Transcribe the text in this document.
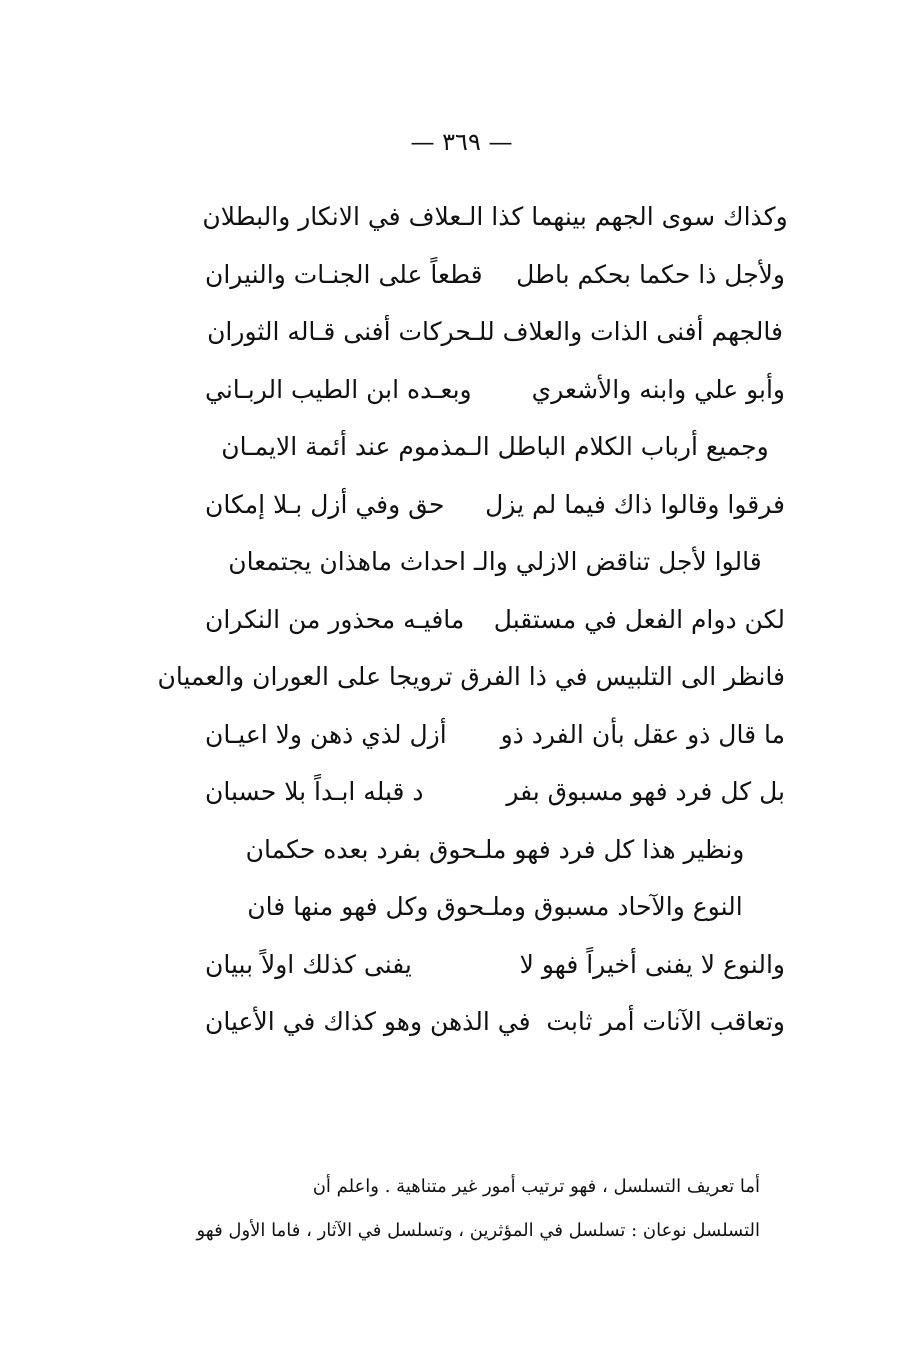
— ٣٦٩ —
وكذاك سوى الجهم بينهما كذا الـعلاف في الانكار والبطلان
ولأجل ذا حكما بحكم باطل
قطعاً على الجنـات والنيران
فالجهم أفنى الذات والعلاف للـحركات أفنى قـاله الثوران
وأبو علي وابنه والأشعري
وبعـده ابن الطيب الربـاني
وجميع أرباب الكلام الباطل الـمذموم عند أئمة الايمـان
فرقوا وقالوا ذاك فيما لم يزل
حق وفي أزل بـلا إمكان
قالوا لأجل تناقض الازلي والـ احداث ماهذان يجتمعان
لكن دوام الفعل في مستقبل
مافيـه محذور من النكران
فانظر الى التلبيس في ذا الفرق تر
ويجا على العوران والعميان
ما قال ذو عقل بأن الفرد ذو
أزل لذي ذهن ولا اعيـان
بل كل فرد فهو مسبوق بفر
د قبله ابـداً بلا حسبان
ونظير هذا كل فرد فهو ملـحوق بفرد بعده حكمان
النوع والآحاد مسبوق وملـحوق وكل فهو منها فان
والنوع لا يفنى أخيراً فهو لا
يفنى كذلك اولاً ببيان
وتعاقب الآنات أمر ثابت
في الذهن وهو كذاك في الأعيان
أما تعريف التسلسل ، فهو ترتيب أمور غير متناهية . واعلم أن
التسلسل نوعان : تسلسل في المؤثرين ، وتسلسل في الآثار ، فاما الأول فهو
